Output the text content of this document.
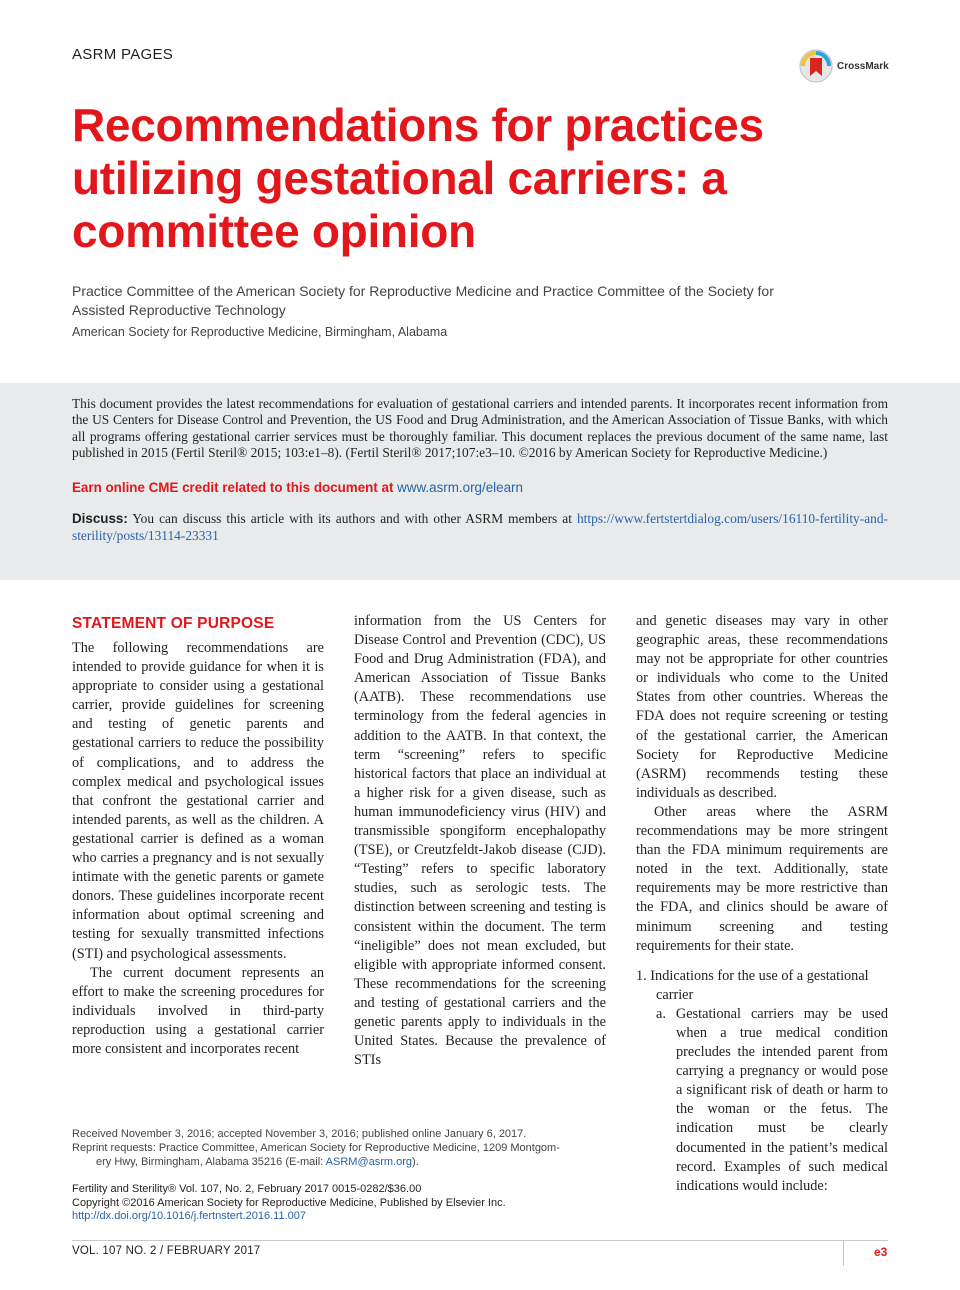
ASRM PAGES
CrossMark
Recommendations for practices utilizing gestational carriers: a committee opinion
Practice Committee of the American Society for Reproductive Medicine and Practice Committee of the Society for Assisted Reproductive Technology
American Society for Reproductive Medicine, Birmingham, Alabama

This document provides the latest recommendations for evaluation of gestational carriers and intended parents. It incorporates recent information from the US Centers for Disease Control and Prevention, the US Food and Drug Administration, and the American Association of Tissue Banks, with which all programs offering gestational carrier services must be thoroughly familiar. This document replaces the previous document of the same name, last published in 2015 (Fertil Steril® 2015; 103:e1–8). (Fertil Steril® 2017;107:e3–10. ©2016 by American Society for Reproductive Medicine.)

Earn online CME credit related to this document at www.asrm.org/elearn

Discuss: You can discuss this article with its authors and with other ASRM members at https://www.fertstertdialog.com/users/16110-fertility-and-sterility/posts/13114-23331

STATEMENT OF PURPOSE

The following recommendations are intended to provide guidance for when it is appropriate to consider using a gestational carrier, provide guidelines for screening and testing of genetic parents and gestational carriers to reduce the possibility of complications, and to address the complex medical and psychological issues that confront the gestational carrier and intended parents, as well as the children. A gestational carrier is defined as a woman who carries a pregnancy and is not sexually intimate with the genetic parents or gamete donors. These guidelines incorporate recent information about optimal screening and testing for sexually transmitted infections (STI) and psychological assessments.

The current document represents an effort to make the screening procedures for individuals involved in third-party reproduction using a gestational carrier more consistent and incorporates recent

information from the US Centers for Disease Control and Prevention (CDC), US Food and Drug Administration (FDA), and American Association of Tissue Banks (AATB). These recommendations use terminology from the federal agencies in addition to the AATB. In that context, the term “screening” refers to specific historical factors that place an individual at a higher risk for a given disease, such as human immunodeficiency virus (HIV) and transmissible spongiform encephalopathy (TSE), or Creutzfeldt-Jakob disease (CJD). “Testing” refers to specific laboratory studies, such as serologic tests. The distinction between screening and testing is consistent within the document. The term “ineligible” does not mean excluded, but eligible with appropriate informed consent. These recommendations for the screening and testing of gestational carriers and the genetic parents apply to individuals in the United States. Because the prevalence of STIs

and genetic diseases may vary in other geographic areas, these recommendations may not be appropriate for other countries or individuals who come to the United States from other countries. Whereas the FDA does not require screening or testing of the gestational carrier, the American Society for Reproductive Medicine (ASRM) recommends testing these individuals as described.

Other areas where the ASRM recommendations may be more stringent than the FDA minimum requirements are noted in the text. Additionally, state requirements may be more restrictive than the FDA, and clinics should be aware of minimum screening and testing requirements for their state.

1. Indications for the use of a gestational carrier

a. Gestational carriers may be used when a true medical condition precludes the intended parent from carrying a pregnancy or would pose a significant risk of death or harm to the woman or the fetus. The indication must be clearly documented in the patient’s medical record. Examples of such medical indications would include:

Received November 3, 2016; accepted November 3, 2016; published online January 6, 2017.
Reprint requests: Practice Committee, American Society for Reproductive Medicine, 1209 Montgom-
ery Hwy, Birmingham, Alabama 35216 (E-mail: ASRM@asrm.org).
Fertility and Sterility® Vol. 107, No. 2, February 2017 0015-0282/$36.00
Copyright ©2016 American Society for Reproductive Medicine, Published by Elsevier Inc.
http://dx.doi.org/10.1016/j.fertnstert.2016.11.007
VOL. 107 NO. 2 / FEBRUARY 2017	e3
